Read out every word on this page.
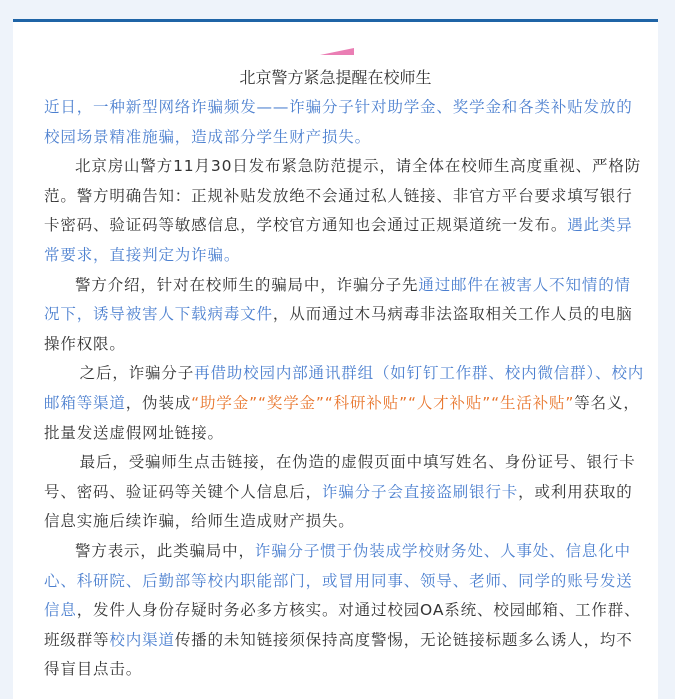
北京警方紧急提醒在校师生

近日，一种新型网络诈骗频发——诈骗分子针对助学金、奖学金和各类补贴发放的校园场景精准施骗，造成部分学生财产损失。

北京房山警方11月30日发布紧急防范提示，请全体在校师生高度重视、严格防范。警方明确告知：正规补贴发放绝不会通过私人链接、非官方平台要求填写银行卡密码、验证码等敏感信息，学校官方通知也会通过正规渠道统一发布。遇此类异常要求，直接判定为诈骗。

警方介绍，针对在校师生的骗局中，诈骗分子先通过邮件在被害人不知情的情况下，诱导被害人下载病毒文件，从而通过木马病毒非法盗取相关工作人员的电脑操作权限。

之后，诈骗分子再借助校园内部通讯群组（如钉钉工作群、校内微信群）、校内邮箱等渠道，伪装成“助学金”“奖学金”“科研补贴”“人才补贴”“生活补贴”等名义，批量发送虚假网址链接。

最后，受骗师生点击链接，在伪造的虚假页面中填写姓名、身份证号、银行卡号、密码、验证码等关键个人信息后，诈骗分子会直接盗刷银行卡，或利用获取的信息实施后续诈骗，给师生造成财产损失。

警方表示，此类骗局中，诈骗分子惯于伪装成学校财务处、人事处、信息化中心、科研院、后勤部等校内职能部门，或冒用同事、领导、老师、同学的账号发送信息，发件人身份存疑时务必多方核实。对通过校园OA系统、校园邮箱、工作群、班级群等校内渠道传播的未知链接须保持高度警惕，无论链接标题多么诱人，均不得盲目点击。
